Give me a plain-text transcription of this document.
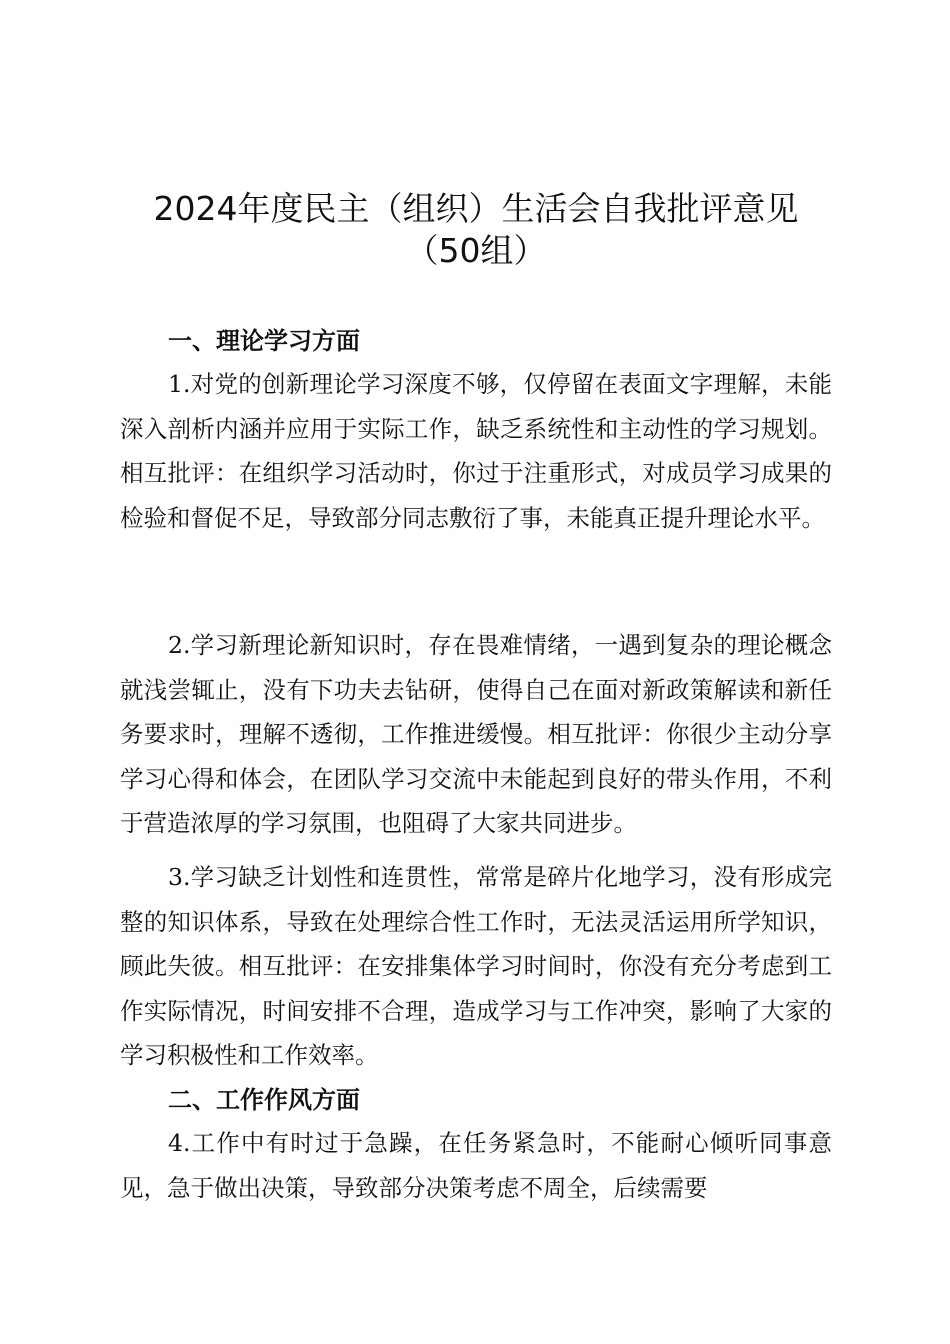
2024年度民主（组织）生活会自我批评意见
（50组）
一、理论学习方面

1.对党的创新理论学习深度不够，仅停留在表面文字理解，未能深入剖析内涵并应用于实际工作，缺乏系统性和主动性的学习规划。相互批评：在组织学习活动时，你过于注重形式，对成员学习成果的检验和督促不足，导致部分同志敷衍了事，未能真正提升理论水平。

2.学习新理论新知识时，存在畏难情绪，一遇到复杂的理论概念就浅尝辄止，没有下功夫去钻研，使得自己在面对新政策解读和新任务要求时，理解不透彻，工作推进缓慢。相互批评：你很少主动分享学习心得和体会，在团队学习交流中未能起到良好的带头作用，不利于营造浓厚的学习氛围，也阻碍了大家共同进步。

3.学习缺乏计划性和连贯性，常常是碎片化地学习，没有形成完整的知识体系，导致在处理综合性工作时，无法灵活运用所学知识，顾此失彼。相互批评：在安排集体学习时间时，你没有充分考虑到工作实际情况，时间安排不合理，造成学习与工作冲突，影响了大家的学习积极性和工作效率。

二、工作作风方面

4.工作中有时过于急躁，在任务紧急时，不能耐心倾听同事意见，急于做出决策，导致部分决策考虑不周全，后续需要
